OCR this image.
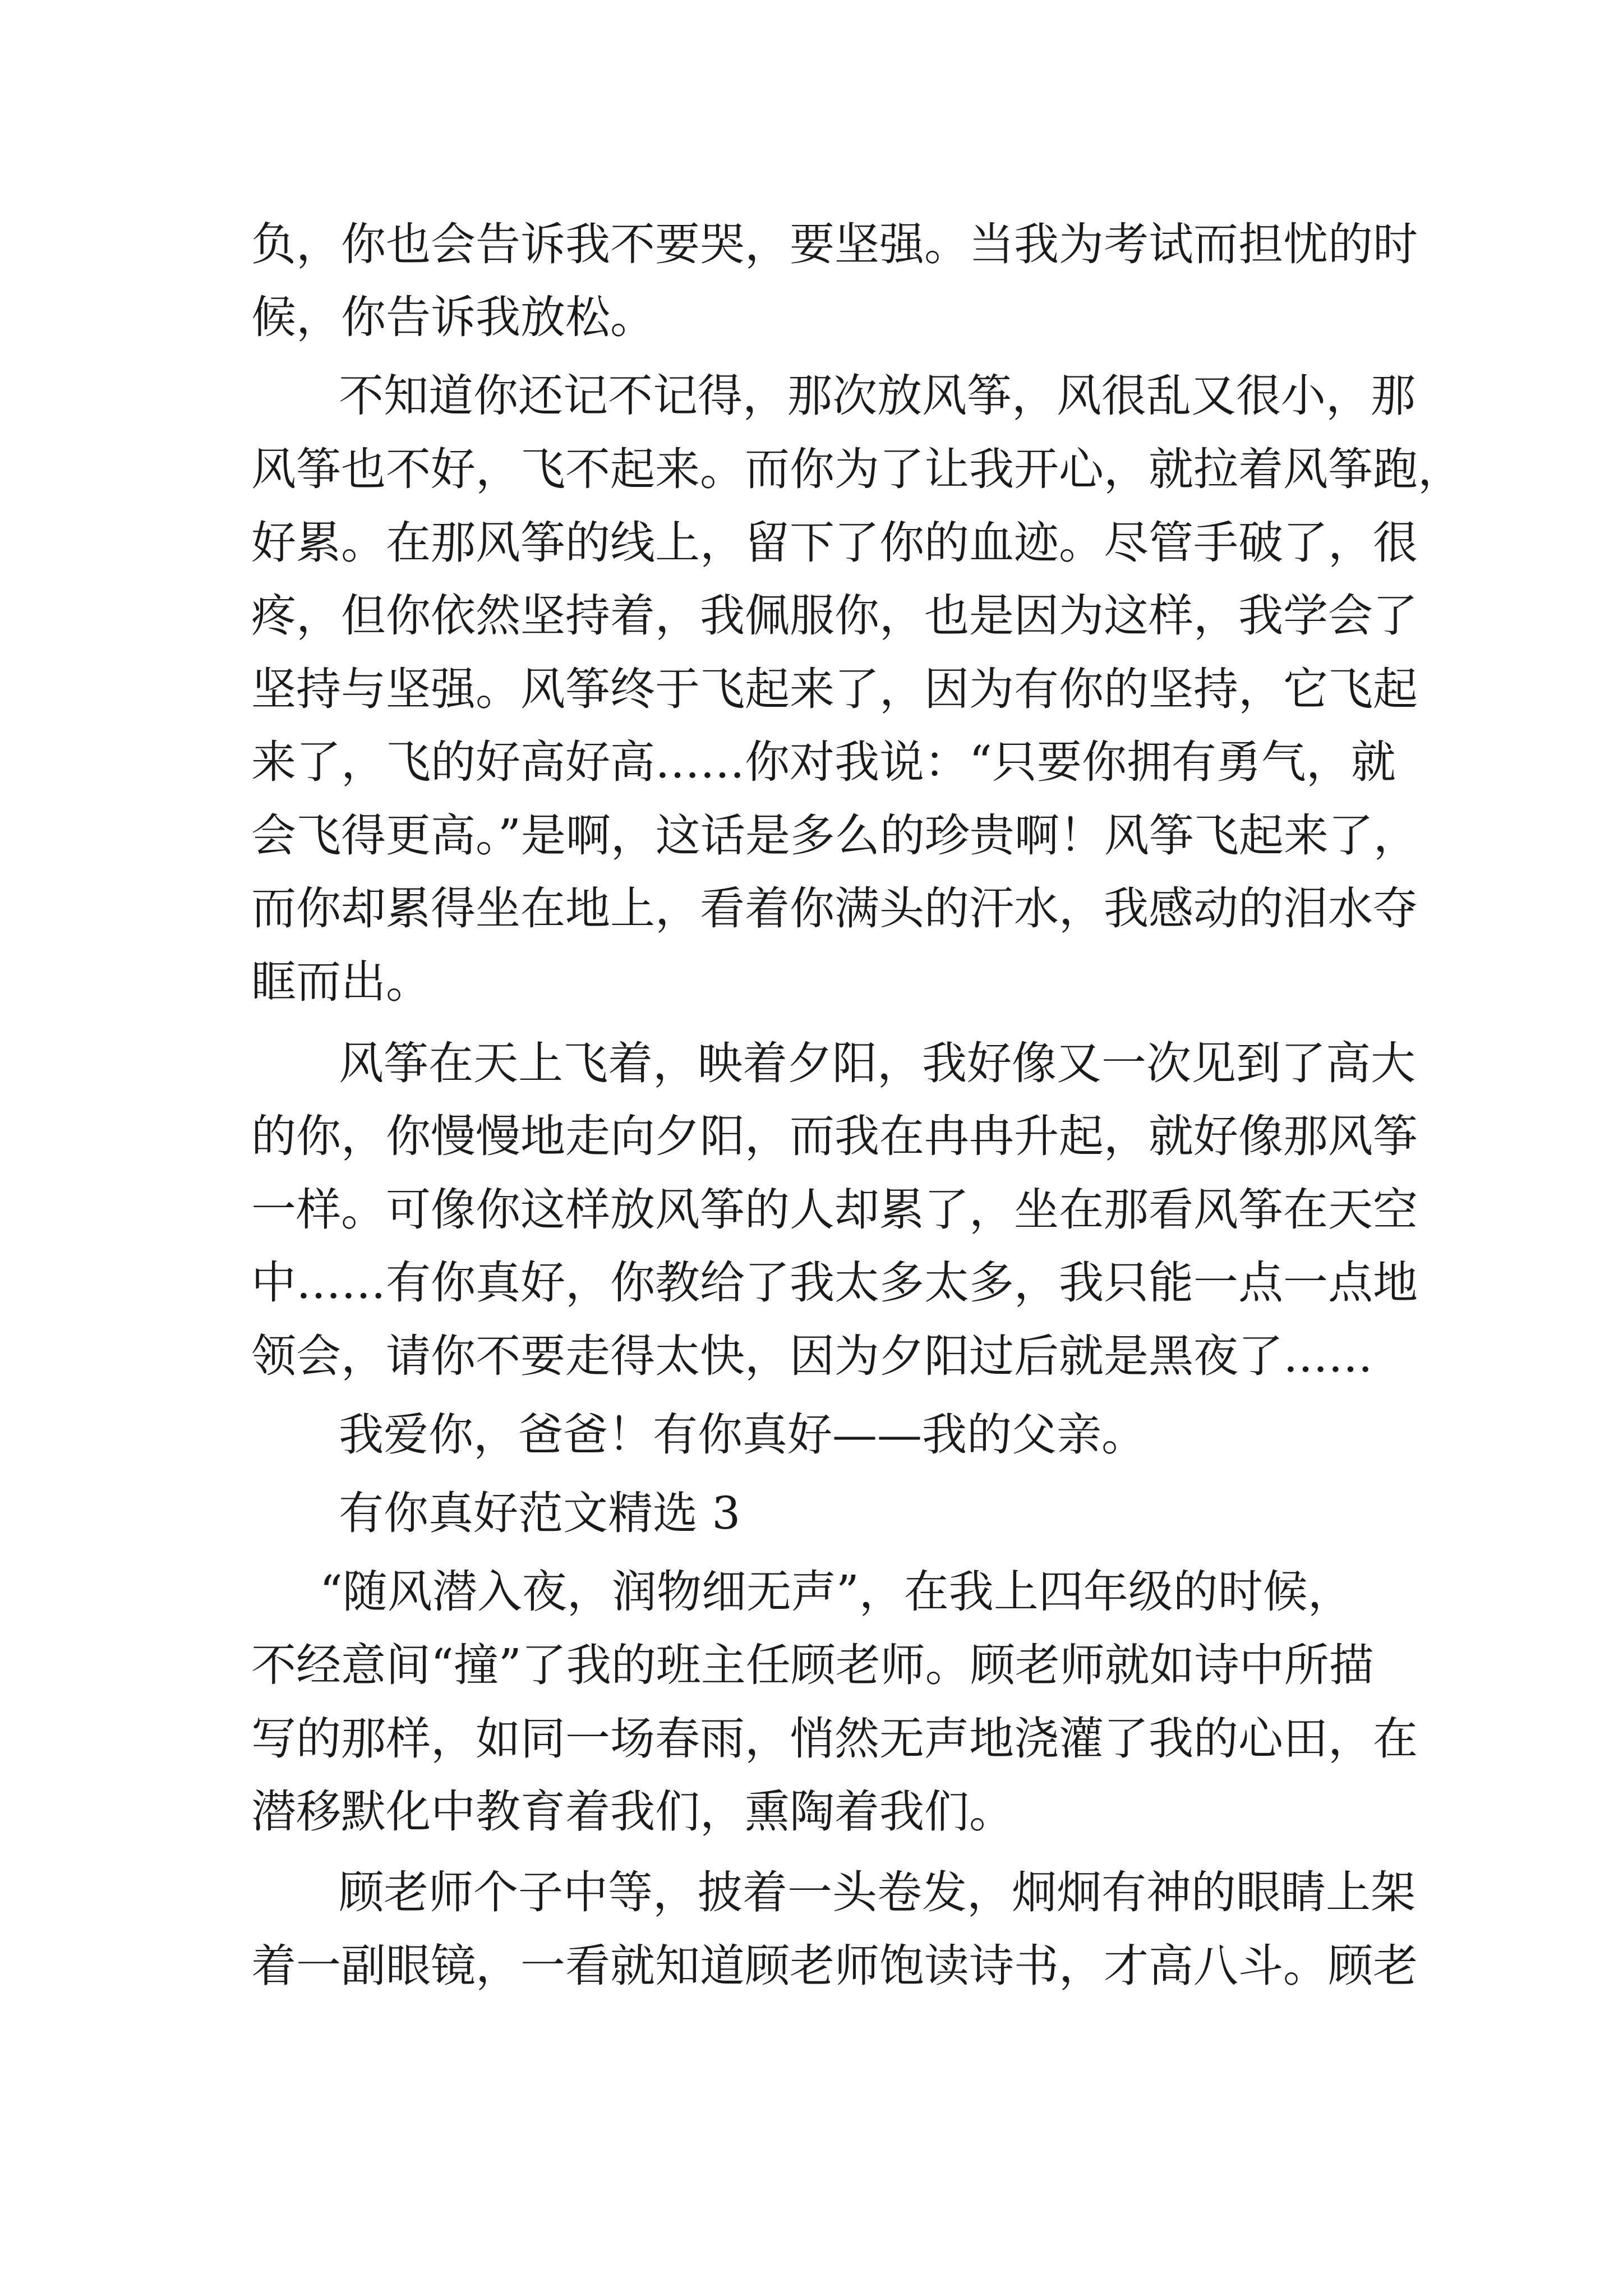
负，你也会告诉我不要哭，要坚强。当我为考试而担忧的时
候，你告诉我放松。
不知道你还记不记得，那次放风筝，风很乱又很小，那
风筝也不好，飞不起来。而你为了让我开心，就拉着风筝跑，
好累。在那风筝的线上，留下了你的血迹。尽管手破了，很
疼，但你依然坚持着，我佩服你，也是因为这样，我学会了
坚持与坚强。风筝终于飞起来了，因为有你的坚持，它飞起
来了，飞的好高好高……你对我说：“只要你拥有勇气，就
会飞得更高。”是啊，这话是多么的珍贵啊！风筝飞起来了，
而你却累得坐在地上，看着你满头的汗水，我感动的泪水夺
眶而出。
风筝在天上飞着，映着夕阳，我好像又一次见到了高大
的你，你慢慢地走向夕阳，而我在冉冉升起，就好像那风筝
一样。可像你这样放风筝的人却累了，坐在那看风筝在天空
中……有你真好，你教给了我太多太多，我只能一点一点地
领会，请你不要走得太快，因为夕阳过后就是黑夜了……
我爱你，爸爸！有你真好——我的父亲。
有你真好范文精选 3
“随风潜入夜，润物细无声”，在我上四年级的时候，
不经意间“撞”了我的班主任顾老师。顾老师就如诗中所描
写的那样，如同一场春雨，悄然无声地浇灌了我的心田，在
潜移默化中教育着我们，熏陶着我们。
顾老师个子中等，披着一头卷发，炯炯有神的眼睛上架
着一副眼镜，一看就知道顾老师饱读诗书，才高八斗。顾老
